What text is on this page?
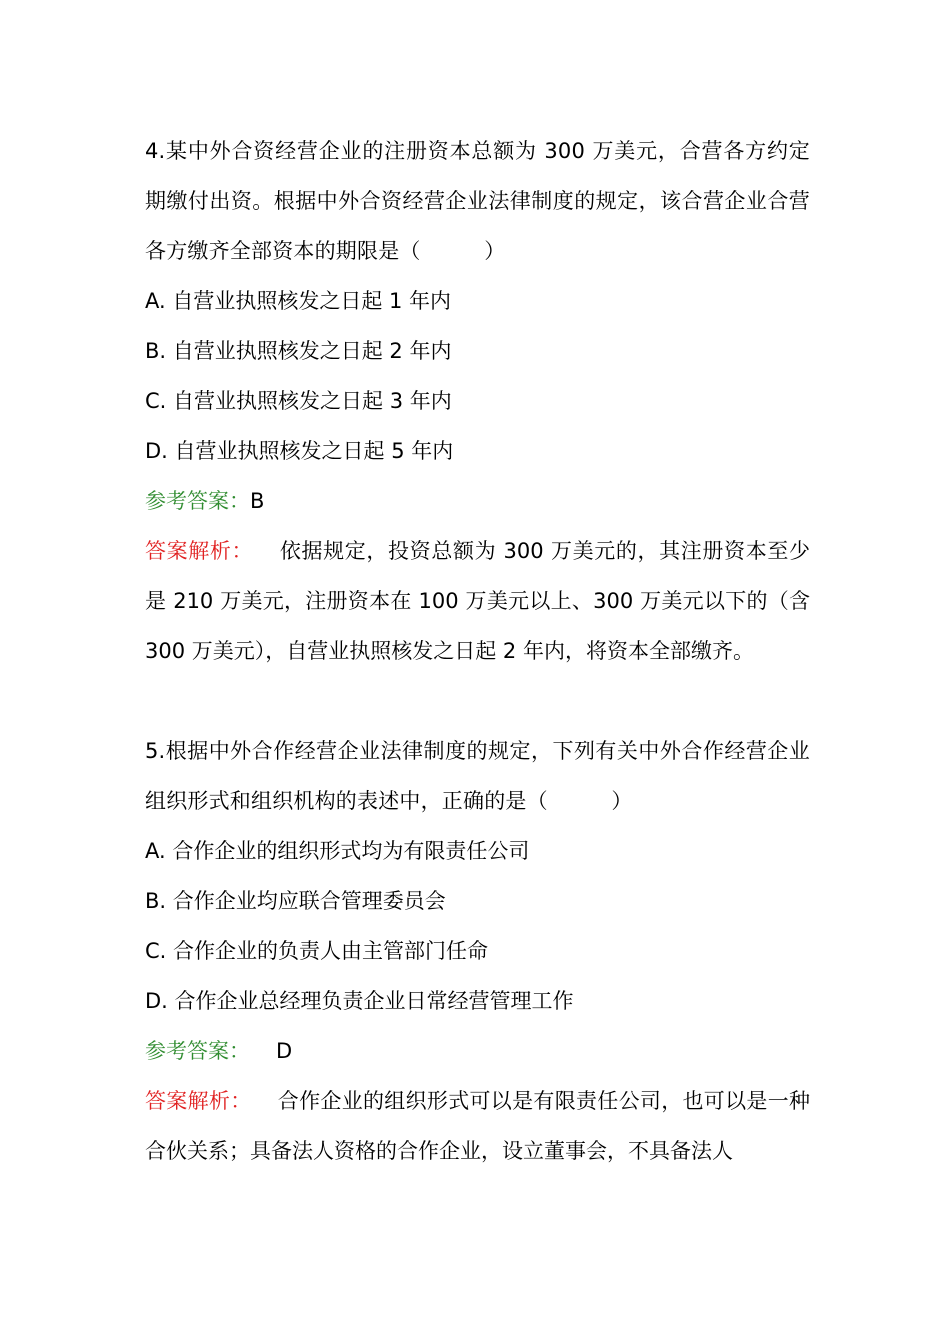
4.某中外合资经营企业的注册资本总额为 300 万美元，合营各方约定期缴付出资。根据中外合资经营企业法律制度的规定，该合营企业合营各方缴齐全部资本的期限是（　　　）

A. 自营业执照核发之日起 1 年内

B. 自营业执照核发之日起 2 年内

C. 自营业执照核发之日起 3 年内

D. 自营业执照核发之日起 5 年内

参考答案：B

答案解析： 依据规定，投资总额为 300 万美元的，其注册资本至少是 210 万美元，注册资本在 100 万美元以上、300 万美元以下的（含 300 万美元），自营业执照核发之日起 2 年内，将资本全部缴齐。

5.根据中外合作经营企业法律制度的规定，下列有关中外合作经营企业组织形式和组织机构的表述中，正确的是（　　　）

A. 合作企业的组织形式均为有限责任公司

B. 合作企业均应联合管理委员会

C. 合作企业的负责人由主管部门任命

D. 合作企业总经理负责企业日常经营管理工作

参考答案： D

答案解析： 合作企业的组织形式可以是有限责任公司，也可以是一种合伙关系；具备法人资格的合作企业，设立董事会，不具备法人
